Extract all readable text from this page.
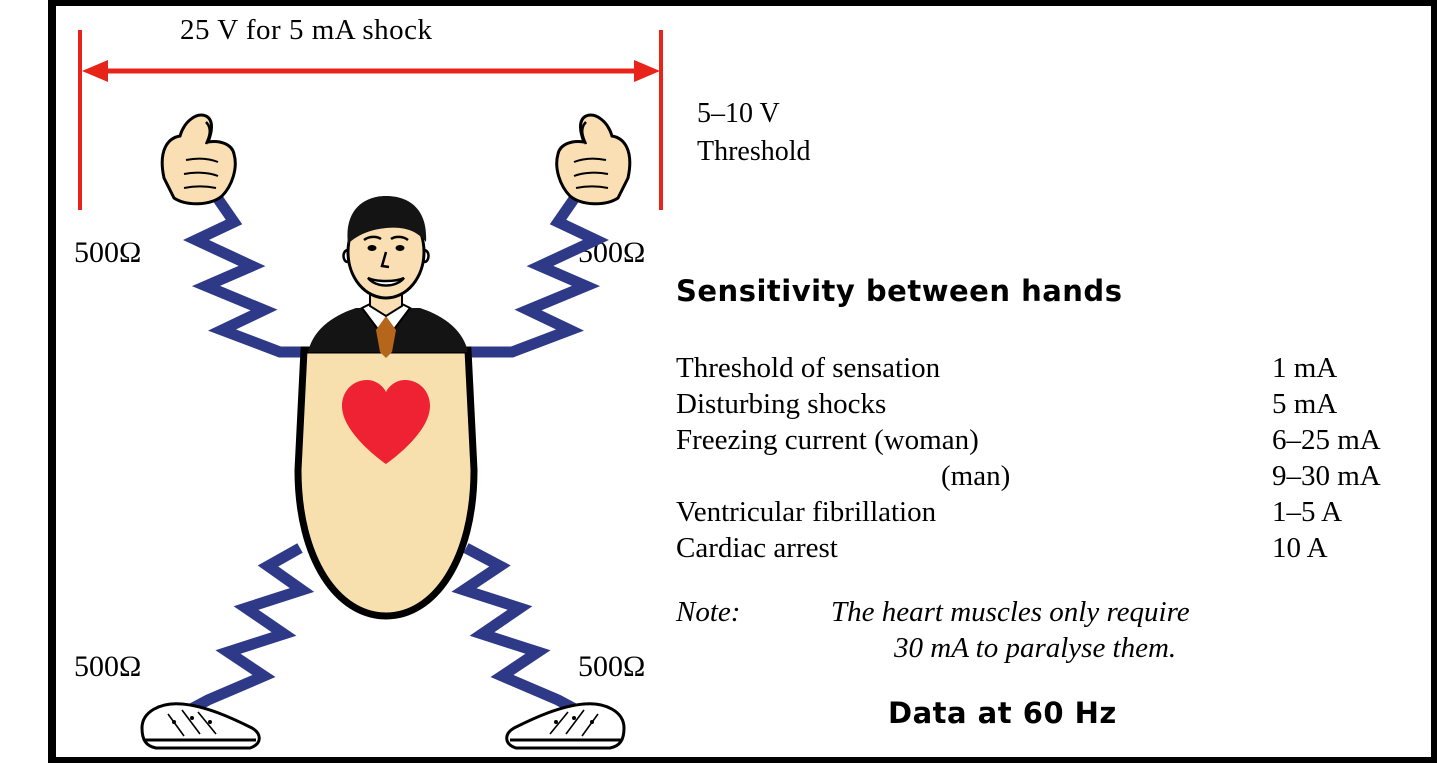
25 V for 5 mA shock
5–10 V
Threshold
500Ω	500Ω
500Ω	500Ω
Sensitivity between hands
Threshold of sensation	1 mA
Disturbing shocks	5 mA
Freezing current (woman)	6–25 mA
(man)	9–30 mA
Ventricular fibrillation	1–5 A
Cardiac arrest	10 A
Note:	The heart muscles only require
30 mA to paralyse them.
Data at 60 Hz
